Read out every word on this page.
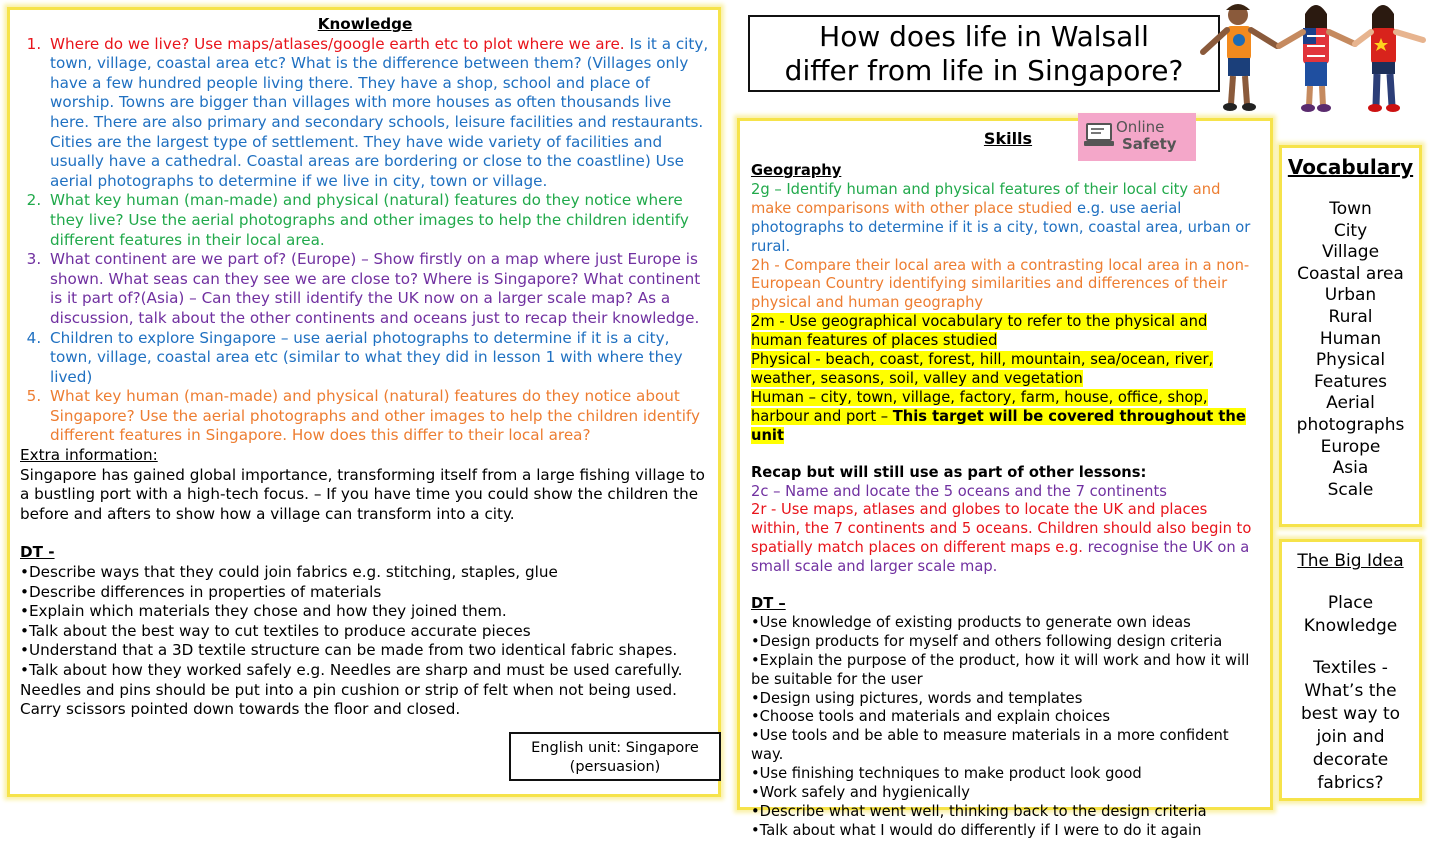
Knowledge
1. Where do we live? Use maps/atlases/google earth etc to plot where we are. Is it a city, town, village, coastal area etc? What is the difference between them? (Villages only have a few hundred people living there. They have a shop, school and place of worship. Towns are bigger than villages with more houses as often thousands live here. There are also primary and secondary schools, leisure facilities and restaurants. Cities are the largest type of settlement. They have wide variety of facilities and usually have a cathedral. Coastal areas are bordering or close to the coastline) Use aerial photographs to determine if we live in city, town or village.
2. What key human (man-made) and physical (natural) features do they notice where they live? Use the aerial photographs and other images to help the children identify different features in their local area.
3. What continent are we part of? (Europe) – Show firstly on a map where just Europe is shown. What seas can they see we are close to? Where is Singapore? What continent is it part of?(Asia) – Can they still identify the UK now on a larger scale map? As a discussion, talk about the other continents and oceans just to recap their knowledge.
4. Children to explore Singapore – use aerial photographs to determine if it is a city, town, village, coastal area etc (similar to what they did in lesson 1 with where they lived)
5. What key human (man-made) and physical (natural) features do they notice about Singapore? Use the aerial photographs and other images to help the children identify different features in Singapore. How does this differ to their local area?
Extra information:
Singapore has gained global importance, transforming itself from a large fishing village to a bustling port with a high-tech focus. – If you have time you could show the children the before and afters to show how a village can transform into a city.
DT -
•Describe ways that they could join fabrics e.g. stitching, staples, glue
•Describe differences in properties of materials
•Explain which materials they chose and how they joined them.
•Talk about the best way to cut textiles to produce accurate pieces
•Understand that a 3D textile structure can be made from two identical fabric shapes.
•Talk about how they worked safely e.g. Needles are sharp and must be used carefully. Needles and pins should be put into a pin cushion or strip of felt when not being used. Carry scissors pointed down towards the floor and closed.
English unit: Singapore
(persuasion)
How does life in Walsall
differ from life in Singapore?
Skills
Geography
2g – Identify human and physical features of their local city and make comparisons with other place studied e.g. use aerial photographs to determine if it is a city, town, coastal area, urban or rural.
2h - Compare their local area with a contrasting local area in a non-European Country identifying similarities and differences of their physical and human geography
2m - Use geographical vocabulary to refer to the physical and human features of places studied
Physical - beach, coast, forest, hill, mountain, sea/ocean, river, weather, seasons, soil, valley and vegetation
Human – city, town, village, factory, farm, house, office, shop, harbour and port – This target will be covered throughout the unit
Recap but will still use as part of other lessons:
2c – Name and locate the 5 oceans and the 7 continents
2r - Use maps, atlases and globes to locate the UK and places within, the 7 continents and 5 oceans. Children should also begin to spatially match places on different maps e.g. recognise the UK on a small scale and larger scale map.
DT –
•Use knowledge of existing products to generate own ideas
•Design products for myself and others following design criteria
•Explain the purpose of the product, how it will work and how it will be suitable for the user
•Design using pictures, words and templates
•Choose tools and materials and explain choices
•Use tools and be able to measure materials in a more confident way.
•Use finishing techniques to make product look good
•Work safely and hygienically
•Describe what went well, thinking back to the design criteria
•Talk about what I would do differently if I were to do it again
Online
Safety
Vocabulary
Town
City
Village
Coastal area
Urban
Rural
Human
Physical
Features
Aerial photographs
Europe
Asia
Scale
The Big Idea
Place
Knowledge
Textiles -
What’s the best way to join and decorate fabrics?
